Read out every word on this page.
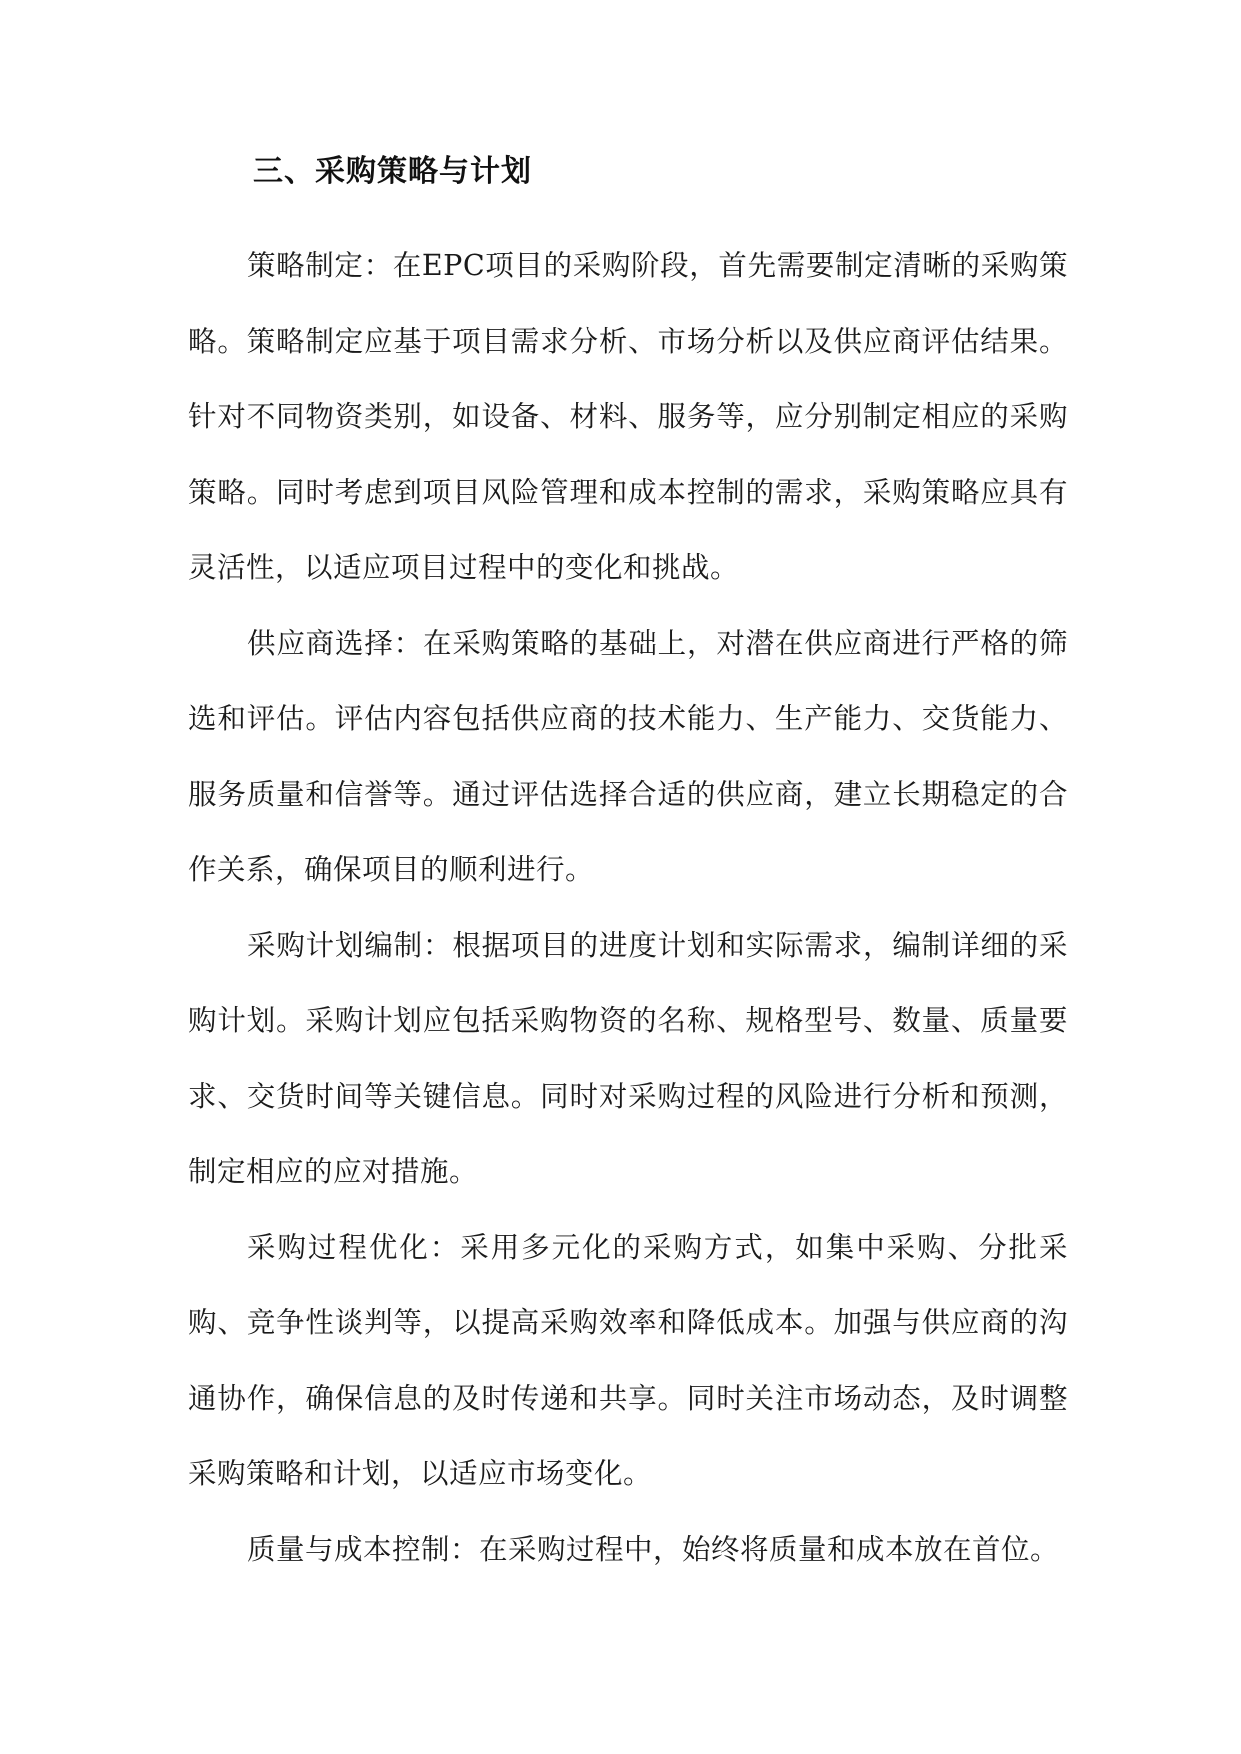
三、采购策略与计划

策略制定：在EPC项目的采购阶段，首先需要制定清晰的采购策略。策略制定应基于项目需求分析、市场分析以及供应商评估结果。针对不同物资类别，如设备、材料、服务等，应分别制定相应的采购策略。同时考虑到项目风险管理和成本控制的需求，采购策略应具有灵活性，以适应项目过程中的变化和挑战。

供应商选择：在采购策略的基础上，对潜在供应商进行严格的筛选和评估。评估内容包括供应商的技术能力、生产能力、交货能力、服务质量和信誉等。通过评估选择合适的供应商，建立长期稳定的合作关系，确保项目的顺利进行。

采购计划编制：根据项目的进度计划和实际需求，编制详细的采购计划。采购计划应包括采购物资的名称、规格型号、数量、质量要求、交货时间等关键信息。同时对采购过程的风险进行分析和预测，制定相应的应对措施。

采购过程优化：采用多元化的采购方式，如集中采购、分批采购、竞争性谈判等，以提高采购效率和降低成本。加强与供应商的沟通协作，确保信息的及时传递和共享。同时关注市场动态，及时调整采购策略和计划，以适应市场变化。

质量与成本控制：在采购过程中，始终将质量和成本放在首位。
